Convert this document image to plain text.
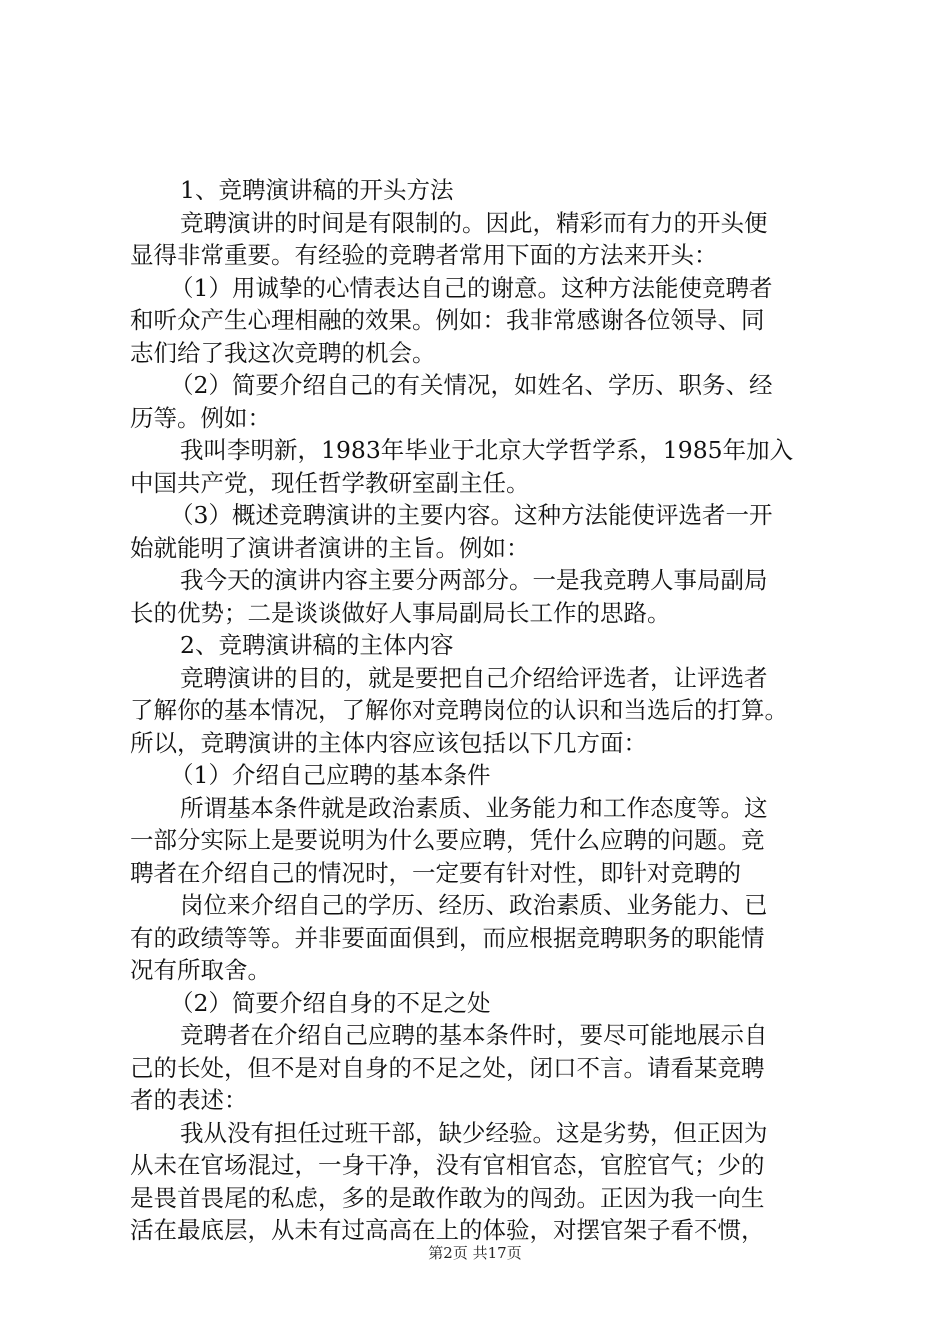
1、竞聘演讲稿的开头方法
竞聘演讲的时间是有限制的。因此，精彩而有力的开头便
显得非常重要。有经验的竞聘者常用下面的方法来开头：
（1）用诚挚的心情表达自己的谢意。这种方法能使竞聘者
和听众产生心理相融的效果。例如：我非常感谢各位领导、同
志们给了我这次竞聘的机会。
（2）简要介绍自己的有关情况，如姓名、学历、职务、经
历等。例如：
我叫李明新，1983年毕业于北京大学哲学系，1985年加入
中国共产党，现任哲学教研室副主任。
（3）概述竞聘演讲的主要内容。这种方法能使评选者一开
始就能明了演讲者演讲的主旨。例如：
我今天的演讲内容主要分两部分。一是我竞聘人事局副局
长的优势；二是谈谈做好人事局副局长工作的思路。
2、竞聘演讲稿的主体内容
竞聘演讲的目的，就是要把自己介绍给评选者，让评选者
了解你的基本情况，了解你对竞聘岗位的认识和当选后的打算。
所以，竞聘演讲的主体内容应该包括以下几方面：
（1）介绍自己应聘的基本条件
所谓基本条件就是政治素质、业务能力和工作态度等。这
一部分实际上是要说明为什么要应聘，凭什么应聘的问题。竞
聘者在介绍自己的情况时，一定要有针对性，即针对竞聘的
岗位来介绍自己的学历、经历、政治素质、业务能力、已
有的政绩等等。并非要面面俱到，而应根据竞聘职务的职能情
况有所取舍。
（2）简要介绍自身的不足之处
竞聘者在介绍自己应聘的基本条件时，要尽可能地展示自
己的长处，但不是对自身的不足之处，闭口不言。请看某竞聘
者的表述：
我从没有担任过班干部，缺少经验。这是劣势，但正因为
从未在官场混过，一身干净，没有官相官态，官腔官气；少的
是畏首畏尾的私虑，多的是敢作敢为的闯劲。正因为我一向生
活在最底层，从未有过高高在上的体验，对摆官架子看不惯，
第2页 共17页
